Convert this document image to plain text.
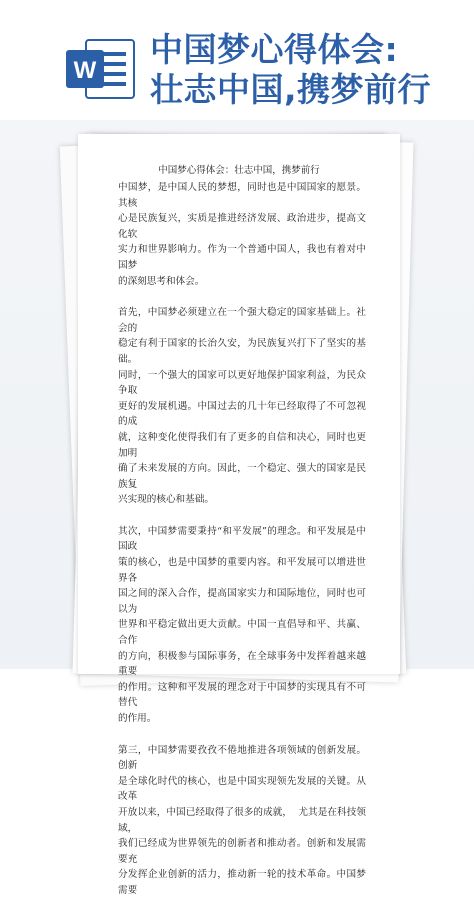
W
中国梦心得体会:
壮志中国,携梦前行
中国梦心得体会：壮志中国，携梦前行

中国梦，是中国人民的梦想，同时也是中国国家的愿景。其核
心是民族复兴，实质是推进经济发展、政治进步，提高文化软
实力和世界影响力。作为一个普通中国人，我也有着对中国梦
的深刻思考和体会。

首先，中国梦必须建立在一个强大稳定的国家基础上。社会的
稳定有利于国家的长治久安，为民族复兴打下了坚实的基础。
同时，一个强大的国家可以更好地保护国家利益，为民众争取
更好的发展机遇。中国过去的几十年已经取得了不可忽视的成
就，这种变化使得我们有了更多的自信和决心，同时也更加明
确了未来发展的方向。因此，一个稳定、强大的国家是民族复
兴实现的核心和基础。

其次，中国梦需要秉持“和平发展”的理念。和平发展是中国政
策的核心，也是中国梦的重要内容。和平发展可以增进世界各
国之间的深入合作，提高国家实力和国际地位，同时也可以为
世界和平稳定做出更大贡献。中国一直倡导和平、共赢、合作
的方向，积极参与国际事务，在全球事务中发挥着越来越重要
的作用。这种和平发展的理念对于中国梦的实现具有不可替代
的作用。

第三，中国梦需要孜孜不倦地推进各项领域的创新发展。 创新
是全球化时代的核心，也是中国实现领先发展的关键。从改革
开放以来，中国已经取得了很多的成就，  尤其是在科技领域，
我们已经成为世界领先的创新者和推动者。创新和发展需要充
分发挥企业创新的活力，推动新一轮的技术革命。中国梦需要
